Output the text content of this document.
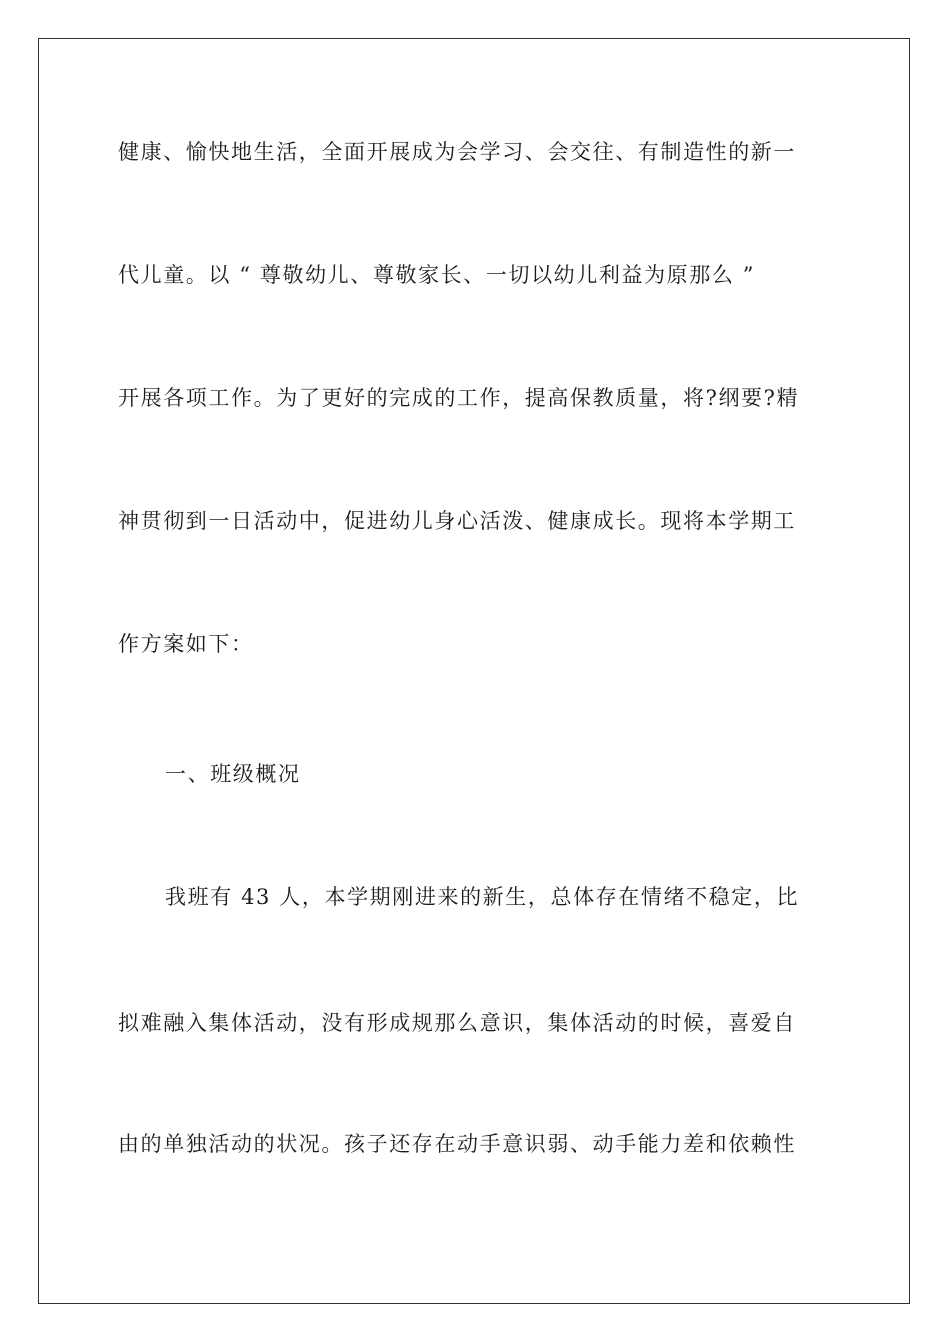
健康、愉快地生活，全面开展成为会学习、会交往、有制造性的新一
代儿童。以 “ 尊敬幼儿、尊敬家长、一切以幼儿利益为原那么 ”
开展各项工作。为了更好的完成的工作，提高保教质量，将?纲要?精
神贯彻到一日活动中，促进幼儿身心活泼、健康成长。现将本学期工
作方案如下：
一、班级概况
我班有 43 人，本学期刚进来的新生，总体存在情绪不稳定，比
拟难融入集体活动，没有形成规那么意识，集体活动的时候，喜爱自
由的单独活动的状况。孩子还存在动手意识弱、动手能力差和依赖性
